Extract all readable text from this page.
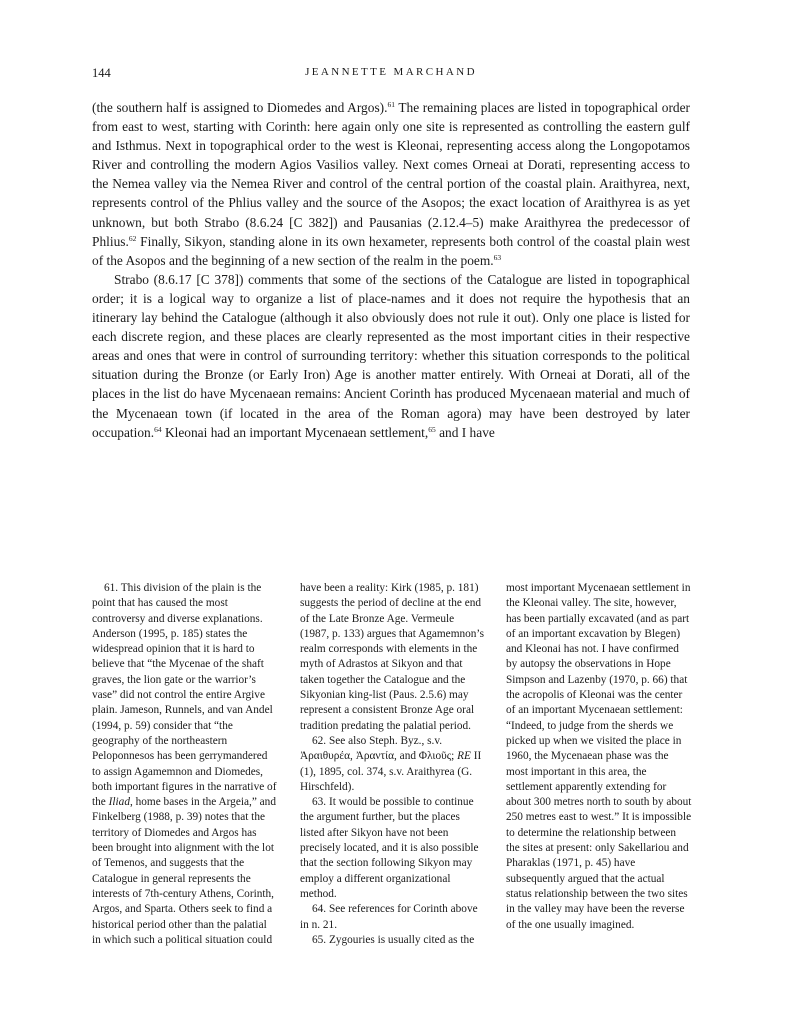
144	JEANNETTE MARCHAND

(the southern half is assigned to Diomedes and Argos).$^{61}$ The remaining places are listed in topographical order from east to west, starting with Corinth: here again only one site is represented as controlling the eastern gulf and Isthmus. Next in topographical order to the west is Kleonai, representing access along the Longopotamos River and controlling the modern Agios Vasilios valley. Next comes Orneai at Dorati, representing access to the Nemea valley via the Nemea River and control of the central portion of the coastal plain. Araithyrea, next, represents control of the Phlius valley and the source of the Asopos; the exact location of Araithyrea is as yet unknown, but both Strabo (8.6.24 [C 382]) and Pausanias (2.12.4–5) make Araithyrea the predecessor of Phlius.$^{62}$ Finally, Sikyon, standing alone in its own hexameter, represents both control of the coastal plain west of the Asopos and the beginning of a new section of the realm in the poem.$^{63}$

Strabo (8.6.17 [C 378]) comments that some of the sections of the Catalogue are listed in topographical order; it is a logical way to organize a list of place-names and it does not require the hypothesis that an itinerary lay behind the Catalogue (although it also obviously does not rule it out). Only one place is listed for each discrete region, and these places are clearly represented as the most important cities in their respective areas and ones that were in control of surrounding territory: whether this situation corresponds to the political situation during the Bronze (or Early Iron) Age is another matter entirely. With Orneai at Dorati, all of the places in the list do have Mycenaean remains: Ancient Corinth has produced Mycenaean material and much of the Mycenaean town (if located in the area of the Roman agora) may have been destroyed by later occupation.$^{64}$ Kleonai had an important Mycenaean settlement,$^{65}$ and I have

61. This division of the plain is the point that has caused the most controversy and diverse explanations. Anderson (1995, p. 185) states the widespread opinion that it is hard to believe that “the Mycenae of the shaft graves, the lion gate or the warrior’s vase” did not control the entire Argive plain. Jameson, Runnels, and van Andel (1994, p. 59) consider that “the geography of the northeastern Peloponnesos has been gerrymandered to assign Agamemnon and Diomedes, both important figures in the narrative of the Iliad, home bases in the Argeia,” and Finkelberg (1988, p. 39) notes that the territory of Diomedes and Argos has been brought into alignment with the lot of Temenos, and suggests that the Catalogue in general represents the interests of 7th-century Athens, Corinth, Argos, and Sparta. Others seek to find a historical period other than the palatial in which such a political situation could

have been a reality: Kirk (1985, p. 181) suggests the period of decline at the end of the Late Bronze Age. Vermeule (1987, p. 133) argues that Agamemnon’s realm corresponds with elements in the myth of Adrastos at Sikyon and that taken together the Catalogue and the Sikyonian king-list (Paus. 2.5.6) may represent a consistent Bronze Age oral tradition predating the palatial period.

62. See also Steph. Byz., s.v. Ἀραιθυρέα, Ἀραντία, and Φλιοῦς; RE II (1), 1895, col. 374, s.v. Araithyrea (G. Hirschfeld).

63. It would be possible to continue the argument further, but the places listed after Sikyon have not been precisely located, and it is also possible that the section following Sikyon may employ a different organizational method.

64. See references for Corinth above in n. 21.

65. Zygouries is usually cited as the

most important Mycenaean settlement in the Kleonai valley. The site, however, has been partially excavated (and as part of an important excavation by Blegen) and Kleonai has not. I have confirmed by autopsy the observations in Hope Simpson and Lazenby (1970, p. 66) that the acropolis of Kleonai was the center of an important Mycenaean settlement: “Indeed, to judge from the sherds we picked up when we visited the place in 1960, the Mycenaean phase was the most important in this area, the settlement apparently extending for about 300 metres north to south by about 250 metres east to west.” It is impossible to determine the relationship between the sites at present: only Sakellariou and Pharaklas (1971, p. 45) have subsequently argued that the actual status relationship between the two sites in the valley may have been the reverse of the one usually imagined.
